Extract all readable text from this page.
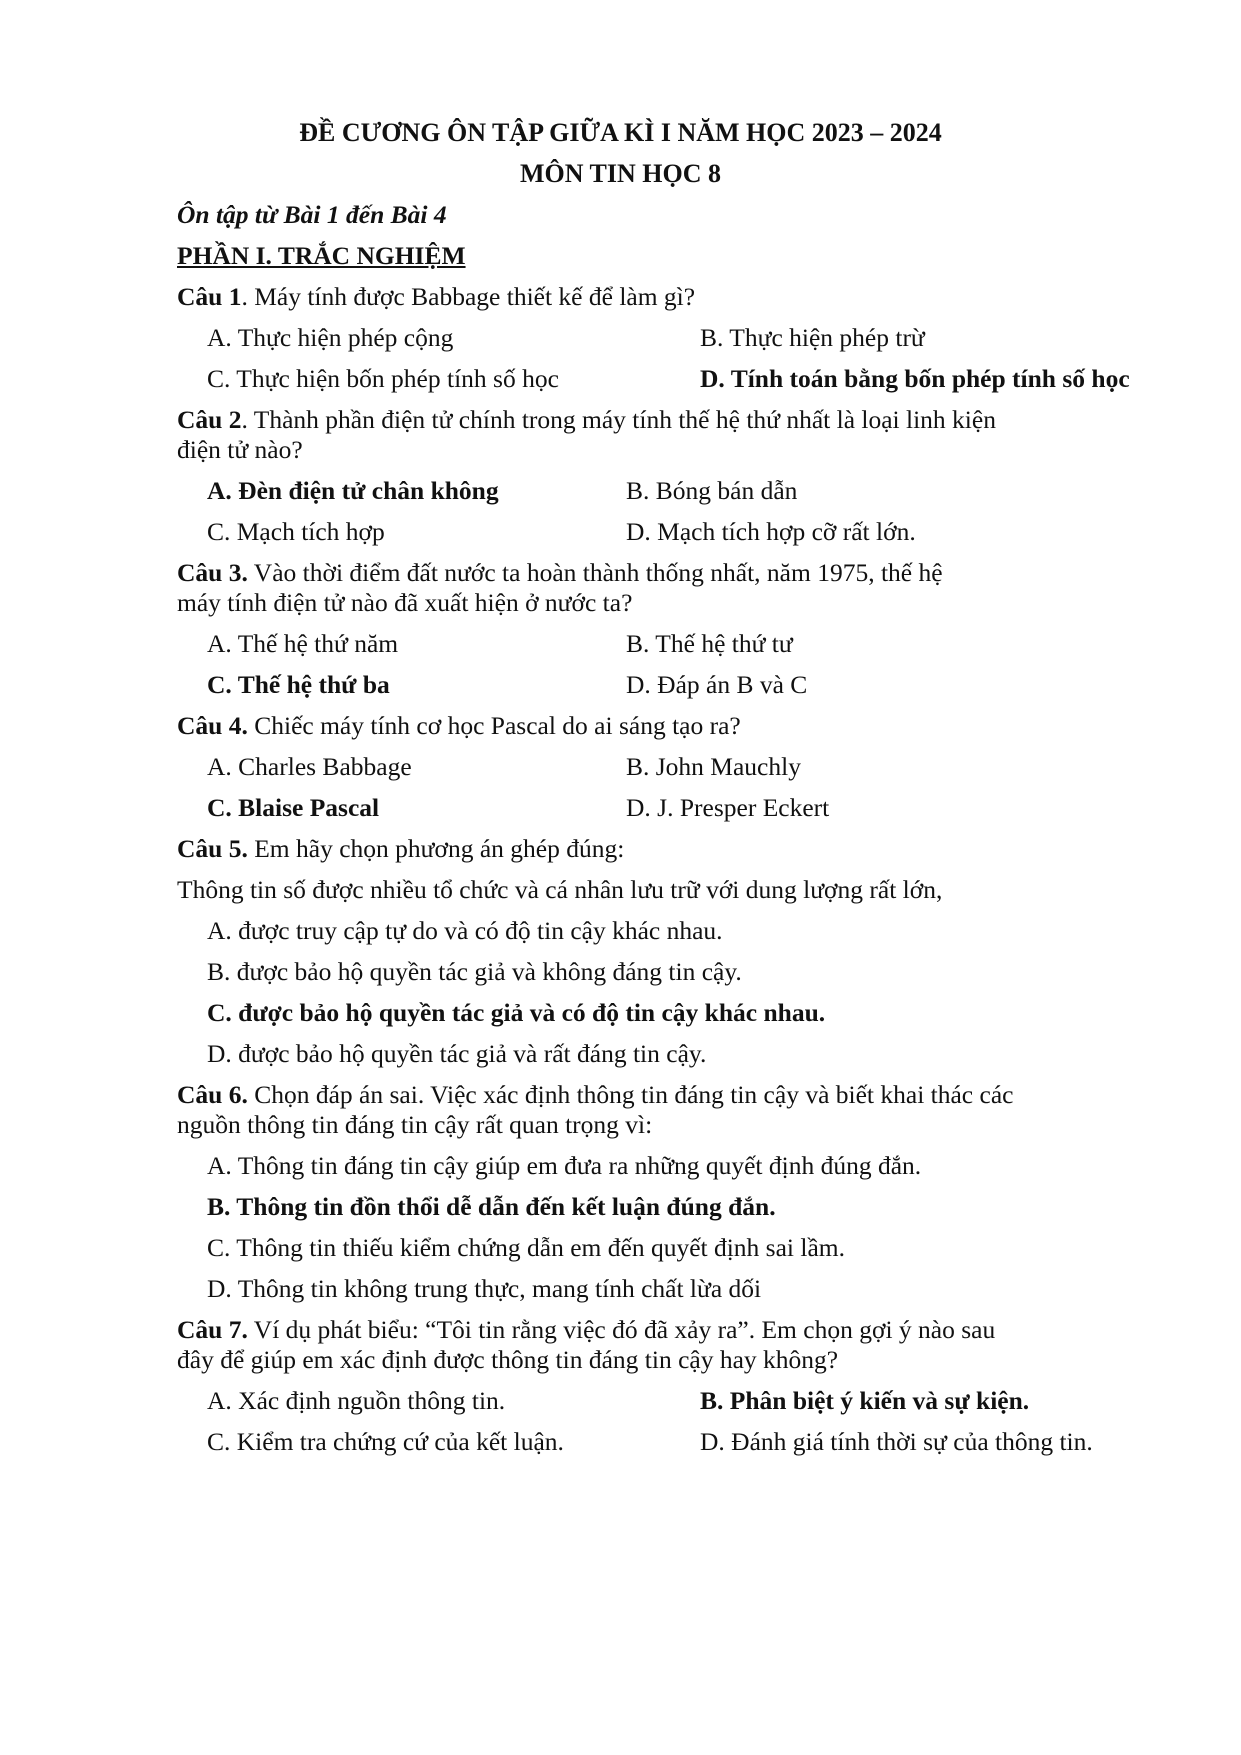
ĐỀ CƯƠNG ÔN TẬP GIỮA KÌ I NĂM HỌC 2023 – 2024
MÔN TIN HỌC 8
Ôn tập từ Bài 1 đến Bài 4
PHẦN I. TRẮC NGHIỆM
Câu 1. Máy tính được Babbage thiết kế để làm gì?
A. Thực hiện phép cộng	B. Thực hiện phép trừ
C. Thực hiện bốn phép tính số học	D. Tính toán bằng bốn phép tính số học
Câu 2. Thành phần điện tử chính trong máy tính thế hệ thứ nhất là loại linh kiện
điện tử nào?
A. Đèn điện tử chân không	B. Bóng bán dẫn
C. Mạch tích hợp	D. Mạch tích hợp cỡ rất lớn.
Câu 3. Vào thời điểm đất nước ta hoàn thành thống nhất, năm 1975, thế hệ
máy tính điện tử nào đã xuất hiện ở nước ta?
A. Thế hệ thứ năm	B. Thế hệ thứ tư
C. Thế hệ thứ ba	D. Đáp án B và C
Câu 4. Chiếc máy tính cơ học Pascal do ai sáng tạo ra?
A. Charles Babbage	B. John Mauchly
C. Blaise Pascal	D. J. Presper Eckert
Câu 5. Em hãy chọn phương án ghép đúng:
Thông tin số được nhiều tổ chức và cá nhân lưu trữ với dung lượng rất lớn,
A. được truy cập tự do và có độ tin cậy khác nhau.
B. được bảo hộ quyền tác giả và không đáng tin cậy.
C. được bảo hộ quyền tác giả và có độ tin cậy khác nhau.
D. được bảo hộ quyền tác giả và rất đáng tin cậy.
Câu 6. Chọn đáp án sai. Việc xác định thông tin đáng tin cậy và biết khai thác các
nguồn thông tin đáng tin cậy rất quan trọng vì:
A. Thông tin đáng tin cậy giúp em đưa ra những quyết định đúng đắn.
B. Thông tin đồn thổi dễ dẫn đến kết luận đúng đắn.
C. Thông tin thiếu kiểm chứng dẫn em đến quyết định sai lầm.
D. Thông tin không trung thực, mang tính chất lừa dối
Câu 7. Ví dụ phát biểu: “Tôi tin rằng việc đó đã xảy ra”. Em chọn gợi ý nào sau
đây để giúp em xác định được thông tin đáng tin cậy hay không?
A. Xác định nguồn thông tin.	B. Phân biệt ý kiến và sự kiện.
C. Kiểm tra chứng cứ của kết luận.	D. Đánh giá tính thời sự của thông tin.
